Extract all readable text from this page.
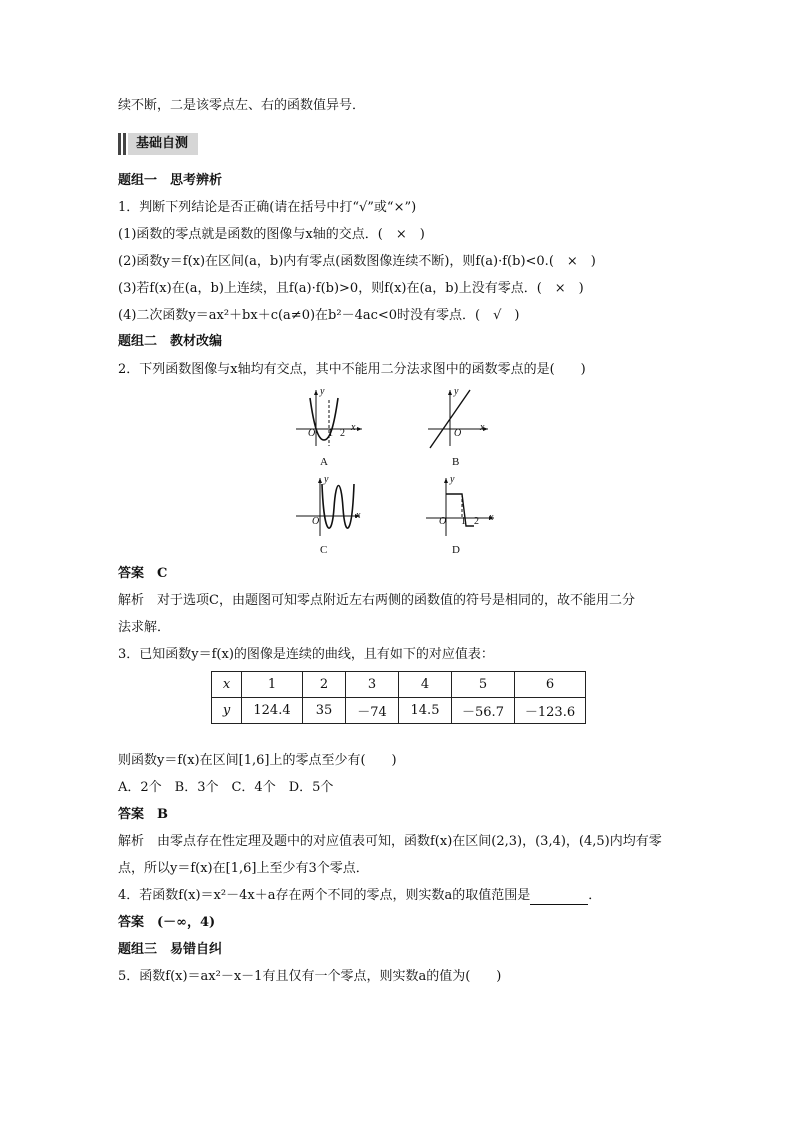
续不断，二是该零点左、右的函数值异号．
基础自测
题组一　思考辨析
1．判断下列结论是否正确(请在括号中打“√”或“×”)
(1)函数的零点就是函数的图像与x轴的交点．(　×　)
(2)函数y＝f(x)在区间(a，b)内有零点(函数图像连续不断)，则f(a)·f(b)<0.(　×　)
(3)若f(x)在(a，b)上连续，且f(a)·f(b)>0，则f(x)在(a，b)上没有零点．(　×　)
(4)二次函数y＝ax²＋bx＋c(a≠0)在b²－4ac<0时没有零点．(　√　)
题组二　教材改编
2．下列函数图像与x轴均有交点，其中不能用二分法求图中的函数零点的是(　　)
y
O 1 2
x
A
y
O
x
B
y
O
x
C
y
O 1 2 x
D
答案　C
解析　对于选项C，由题图可知零点附近左右两侧的函数值的符号是相同的，故不能用二分
法求解．
3．已知函数y＝f(x)的图像是连续的曲线，且有如下的对应值表：
x	1	2	3	4	5	6
y	124.4	35	－74	14.5	－56.7	－123.6
则函数y＝f(x)在区间[1,6]上的零点至少有(　　)
A．2个　B．3个　C．4个　D．5个
答案　B
解析　由零点存在性定理及题中的对应值表可知，函数f(x)在区间(2,3)，(3,4)，(4,5)内均有零
点，所以y＝f(x)在[1,6]上至少有3个零点．
4．若函数f(x)＝x²－4x＋a存在两个不同的零点，则实数a的取值范围是	．
答案　(－∞，4)
题组三　易错自纠
5．函数f(x)＝ax²－x－1有且仅有一个零点，则实数a的值为(　　)
